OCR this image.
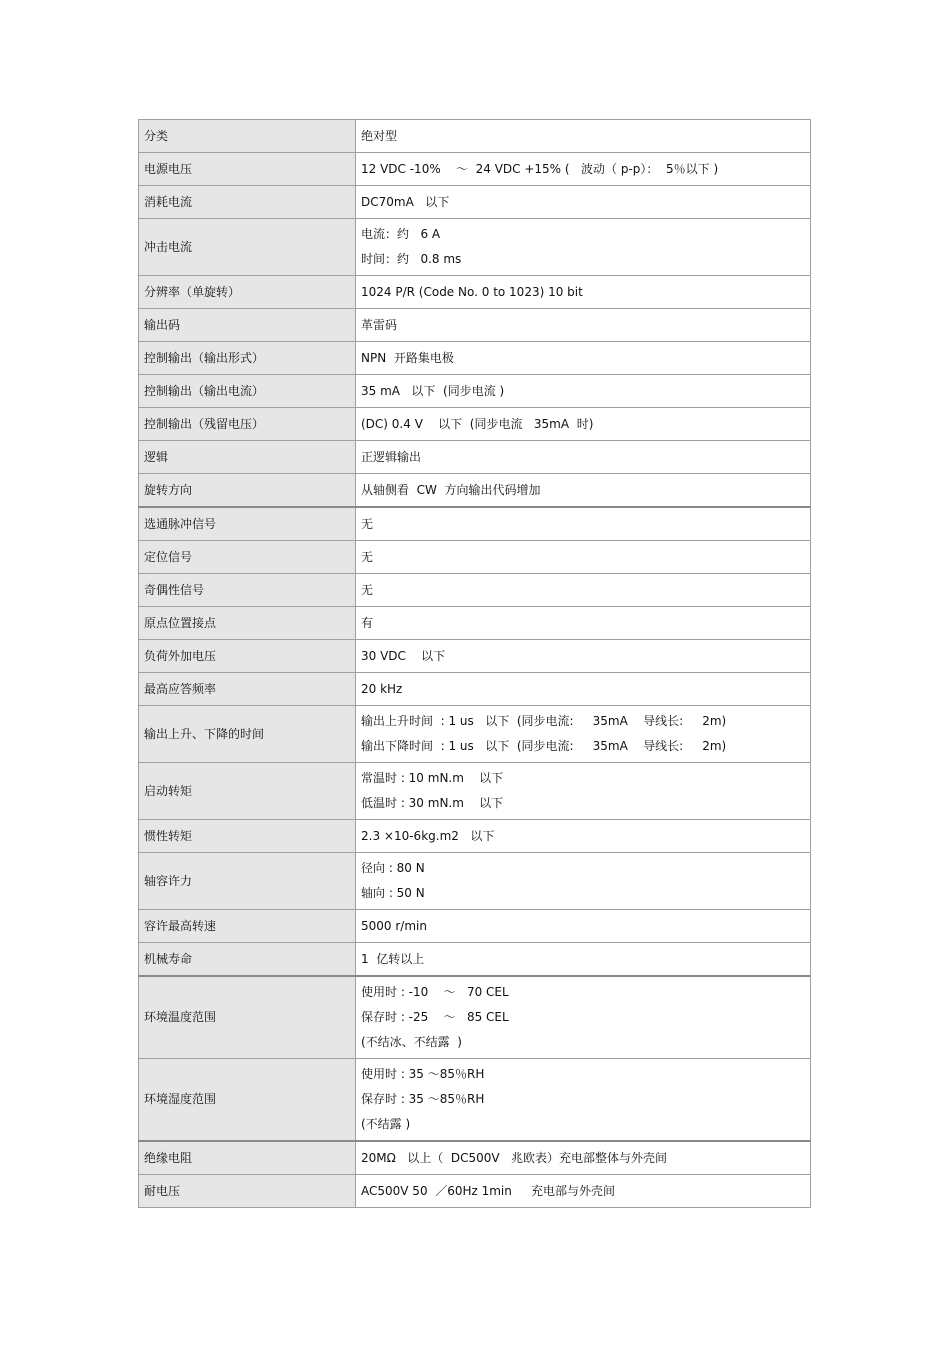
分类	绝对型

电源电压	12 VDC -10%    ～  24 VDC +15% (   波动（ p-p）：  5％以下 )

消耗电流	DC70mA   以下

冲击电流	电流：约   6 A
时间：约   0.8 ms

分辨率（单旋转）	1024 P/R (Code No. 0 to 1023) 10 bit

输出码	革雷码

控制输出（输出形式）	NPN  开路集电极

控制输出（输出电流）	35 mA   以下  (同步电流 )

控制输出（残留电压）	(DC) 0.4 V    以下  (同步电流   35mA  时)

逻辑	正逻辑输出

旋转方向	从轴侧看  CW  方向输出代码增加

选通脉冲信号	无

定位信号	无

奇偶性信号	无

原点位置接点	有

负荷外加电压	30 VDC    以下

最高应答频率	20 kHz

输出上升、下降的时间	输出上升时间  : 1 us   以下  (同步电流:     35mA    导线长:     2m)
输出下降时间  : 1 us   以下  (同步电流:     35mA    导线长:     2m)

启动转矩	常温时 : 10 mN.m    以下
低温时 : 30 mN.m    以下

惯性转矩	2.3 ×10-6kg.m2   以下

轴容许力	径向 : 80 N
轴向 : 50 N

容许最高转速	5000 r/min

机械寿命	1  亿转以上

环境温度范围	使用时 : -10    ～   70 CEL
保存时 : -25    ～   85 CEL
(不结冰、不结露  )

环境湿度范围	使用时 : 35 ～85％RH
保存时 : 35 ～85％RH
(不结露 )

绝缘电阻	20MΩ   以上（  DC500V   兆欧表）充电部整体与外壳间

耐电压	AC500V 50  ／60Hz 1min     充电部与外壳间
